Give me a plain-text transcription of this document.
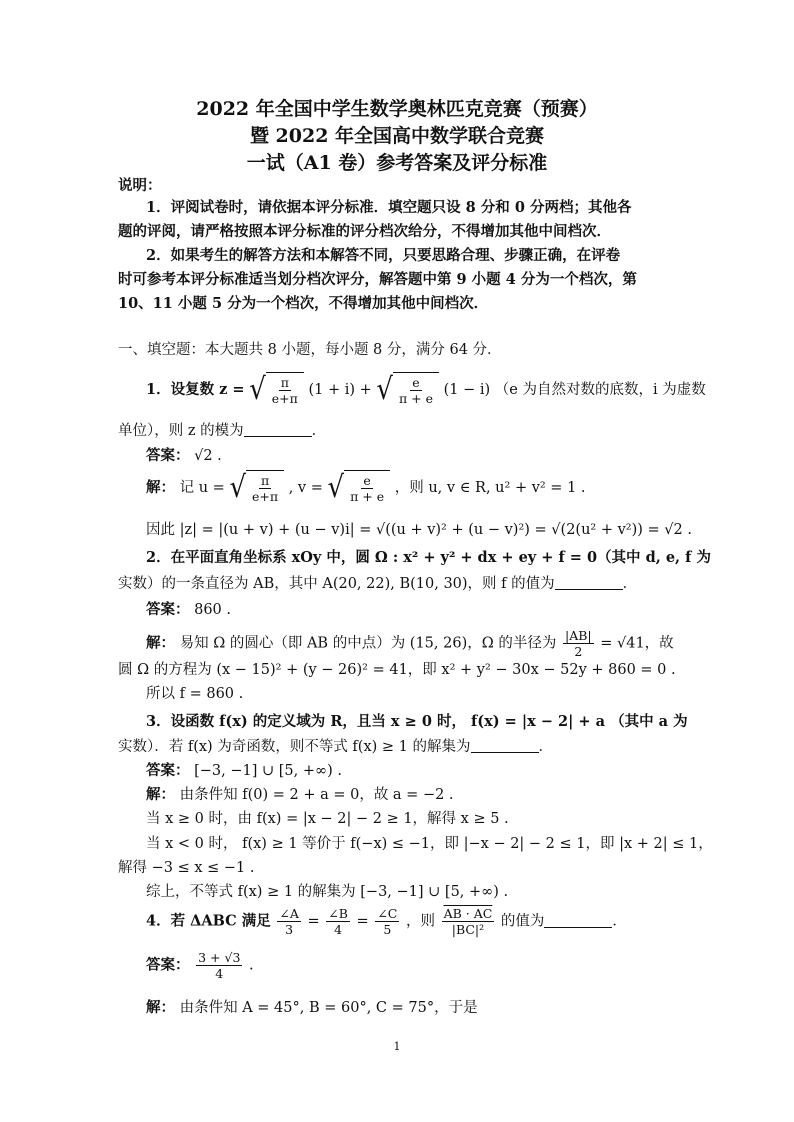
2022 年全国中学生数学奥林匹克竞赛（预赛）
暨 2022 年全国高中数学联合竞赛
一试（A1 卷）参考答案及评分标准
说明：
1．评阅试卷时，请依据本评分标准．填空题只设 8 分和 0 分两档；其他各
题的评阅，请严格按照本评分标准的评分档次给分，不得增加其他中间档次．
2．如果考生的解答方法和本解答不同，只要思路合理、步骤正确，在评卷
时可参考本评分标准适当划分档次评分，解答题中第 9 小题 4 分为一个档次，第
10、11 小题 5 分为一个档次，不得增加其他中间档次．
一、填空题：本大题共 8 小题，每小题 8 分，满分 64 分．
1．设复数 z = √ $\frac{\pi}{e+\pi} (1 + i)$ + √ $\frac{e}{\pi + e} (1 - i)$ （e 为自然对数的底数，i 为虚数
单位），则 z 的模为	．
答案： √2 .
解： 记 u = √ $\frac{\pi}{e+\pi}$ , v = √ $\frac{e}{\pi + e}$ ，则 u, v ∈ R, u² + v² = 1 .
因此 |z| = |(u + v) + (u − v)i| = √((u + v)² + (u − v)²) = √(2(u² + v²)) = √2 .
2．在平面直角坐标系 xOy 中，圆 Ω : x² + y² + dx + ey + f = 0（其中 d, e, f 为
实数）的一条直径为 AB，其中 A(20, 22), B(10, 30)，则 f 的值为	．
答案： 860 .
解： 易知 Ω 的圆心（即 AB 的中点）为 (15, 26)，Ω 的半径为 $\frac{|AB|}{2} = √41$，故
圆 Ω 的方程为 (x − 15)² + (y − 26)² = 41，即 x² + y² − 30x − 52y + 860 = 0 .
所以 f = 860 .
3．设函数 f(x) 的定义域为 R，且当 x ≥ 0 时， f(x) = |x − 2| + a （其中 a 为
实数）．若 f(x) 为奇函数，则不等式 f(x) ≥ 1 的解集为	．
答案： [−3, −1] ∪ [5, +∞) .
解： 由条件知 f(0) = 2 + a = 0，故 a = −2 .
当 x ≥ 0 时，由 f(x) = |x − 2| − 2 ≥ 1，解得 x ≥ 5 .
当 x < 0 时， f(x) ≥ 1 等价于 f(−x) ≤ −1，即 |−x − 2| − 2 ≤ 1，即 |x + 2| ≤ 1，
解得 −3 ≤ x ≤ −1 .
综上，不等式 f(x) ≥ 1 的解集为 [−3, −1] ∪ [5, +∞) .
4．若 ΔABC 满足 $\frac{\angle A}{3} = \frac{\angle B}{4} = \frac{\angle C}{5}$ ，则 $\frac{AB \cdot AC}{\text{|BC|²}}$ 的值为	．
答案： $\frac{3 + √3}{4}$ .
解： 由条件知 A = 45°, B = 60°, C = 75°，于是
1
